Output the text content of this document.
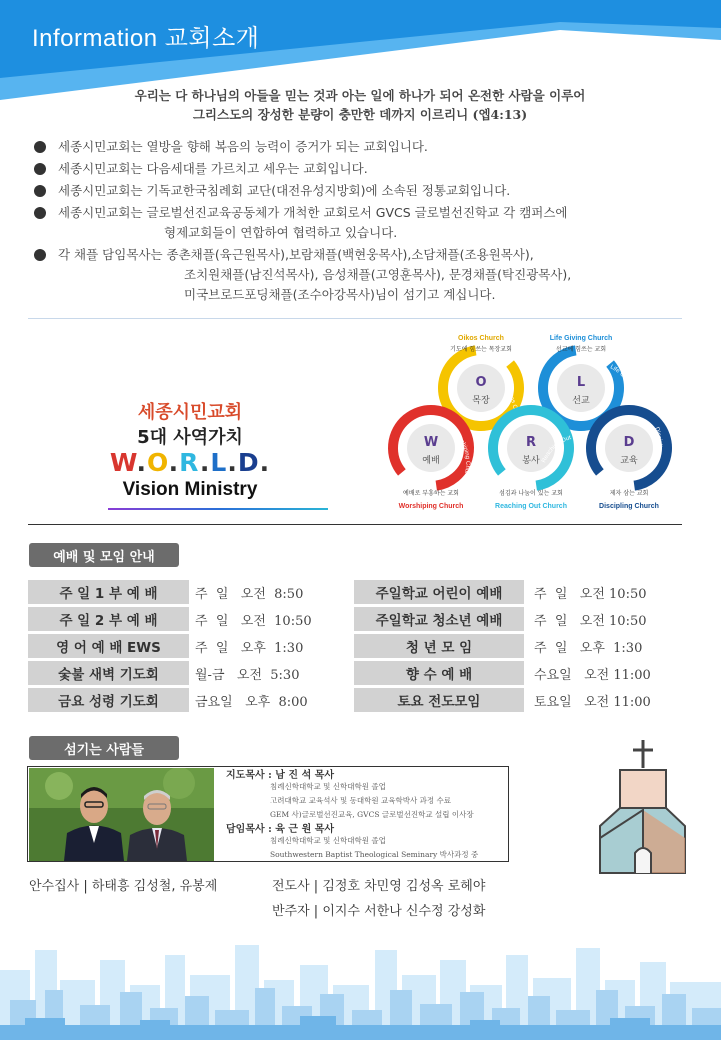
Information 교회소개
우리는 다 하나님의 아들을 믿는 것과 아는 일에 하나가 되어 온전한 사람을 이루어
그리스도의 장성한 분량이 충만한 데까지 이르리니 (엡4:13)
세종시민교회는 열방을 향해 복음의 능력이 증거가 되는 교회입니다.
세종시민교회는 다음세대를 가르치고 세우는 교회입니다.
세종시민교회는 기독교한국침례회 교단(대전유성지방회)에 소속된 정통교회입니다.
세종시민교회는 글로벌선진교육공동체가 개척한 교회로서 GVCS 글로벌선진학교 각 캠퍼스에
형제교회들이 연합하여 협력하고 있습니다.
각 채플 담임목사는 종촌채플(육근원목사),보람채플(백현웅목사),소담채플(조용원목사),
조치원채플(남진석목사), 음성채플(고영훈목사), 문경채플(탁진광목사),
미국브로드포딩채플(조수아강목사)님이 섬기고 계십니다.
세종시민교회
5대 사역가치
W.O.R.L.D.
Vision Ministry
O
목장
Oikos Church
Oikos Church
기도에 힘쓰는 목장교회
L
선교
Life Giving Church
Life Giving Church
선교에 힘쓰는 교회
W
예배
Worshiping Chur
예배로 부흥하는 교회
Worshiping Church
R
봉사 Reaching Out C
섬김과 나눔이 있는 교회
Reaching Out Church
D
교육
Discipling Churc
제자 삼는 교회
Discipling Church
예배 및 모임 안내
주 일 1 부 예 배	주  일   오전  8:50
주 일 2 부 예 배	주  일   오전  10:50
영 어 예 배 EWS	주  일   오후  1:30
숯불 새벽 기도회	월-금   오전  5:30
금요 성령 기도회	금요일   오후  8:00
주일학교 어린이 예배	주  일   오전 10:50
주일학교 청소년 예배	주  일   오전 10:50
청 년 모 임	주  일   오후  1:30
향 수 예 배	수요일   오전 11:00
토요 전도모임	토요일   오전 11:00
섬기는 사람들
지도목사 : 남 진 석 목사
침례신학대학교 및 신학대학원 졸업
고려대학교 교육석사 및 동대학원 교육학박사 과정 수료
GEM 사)글로벌선진교육, GVCS 글로벌선진학교 설립 이사장
담임목사 : 육 근 원 목사
침례신학대학교 및 신학대학원 졸업
Southwestern Baptist Theological Seminary 박사과정 중
안수집사 | 하태흥 김성철, 유봉제	전도사 | 김정호 차민영 김성옥 로헤야
반주자 | 이지수 서한나 신수정 강성화
